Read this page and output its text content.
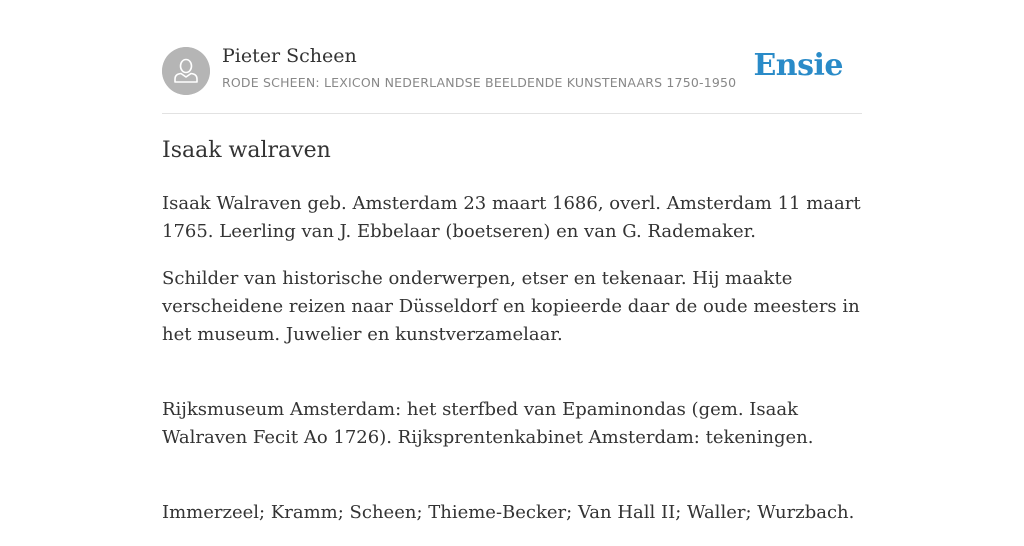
Pieter Scheen
RODE SCHEEN: LEXICON NEDERLANDSE BEELDENDE KUNSTENAARS 1750-1950 Ensie
Isaak walraven

Isaak Walraven geb. Amsterdam 23 maart 1686, overl. Amsterdam 11 maart 1765. Leerling van J. Ebbelaar (boetseren) en van G. Rademaker.

Schilder van historische onderwerpen, etser en tekenaar. Hij maakte verscheidene reizen naar Düsseldorf en kopieerde daar de oude meesters in het museum. Juwelier en kunstverzamelaar.

Rijksmuseum Amsterdam: het sterfbed van Epaminondas (gem. Isaak Walraven Fecit Ao 1726). Rijksprentenkabinet Amsterdam: tekeningen.

Immerzeel; Kramm; Scheen; Thieme-Becker; Van Hall II; Waller; Wurzbach.
